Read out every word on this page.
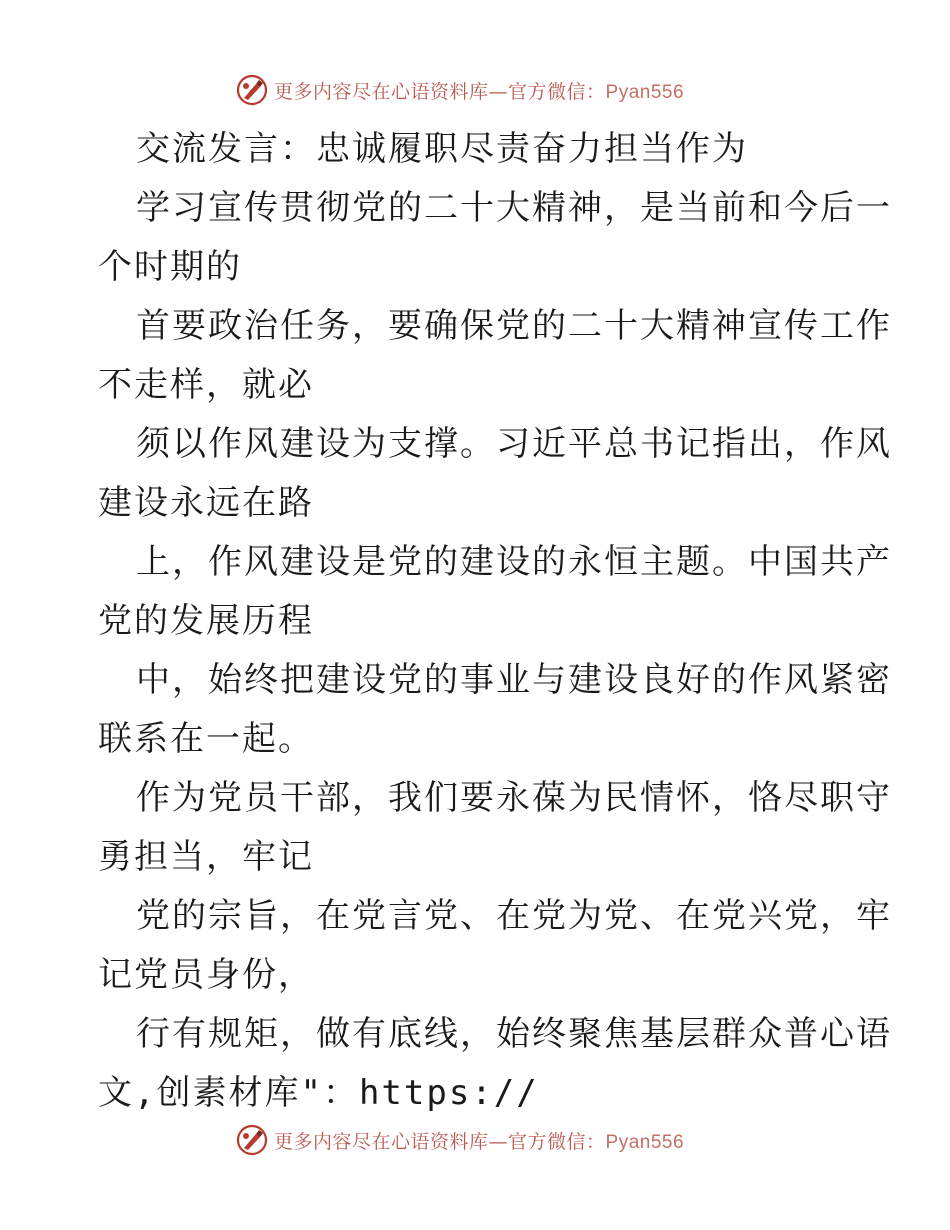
更多内容尽在心语资料库—官方微信：Pyan556
交流发言：忠诚履职尽责奋力担当作为
学习宣传贯彻党的二十大精神，是当前和今后一
个时期的
首要政治任务，要确保党的二十大精神宣传工作
不走样，就必
须以作风建设为支撑。习近平总书记指出，作风
建设永远在路
上，作风建设是党的建设的永恒主题。中国共产
党的发展历程
中，始终把建设党的事业与建设良好的作风紧密
联系在一起。
作为党员干部，我们要永葆为民情怀，恪尽职守
勇担当，牢记
党的宗旨，在党言党、在党为党、在党兴党，牢
记党员身份，
行有规矩，做有底线，始终聚焦基层群众普心语
文,创素材库"：https://
更多内容尽在心语资料库—官方微信：Pyan556
